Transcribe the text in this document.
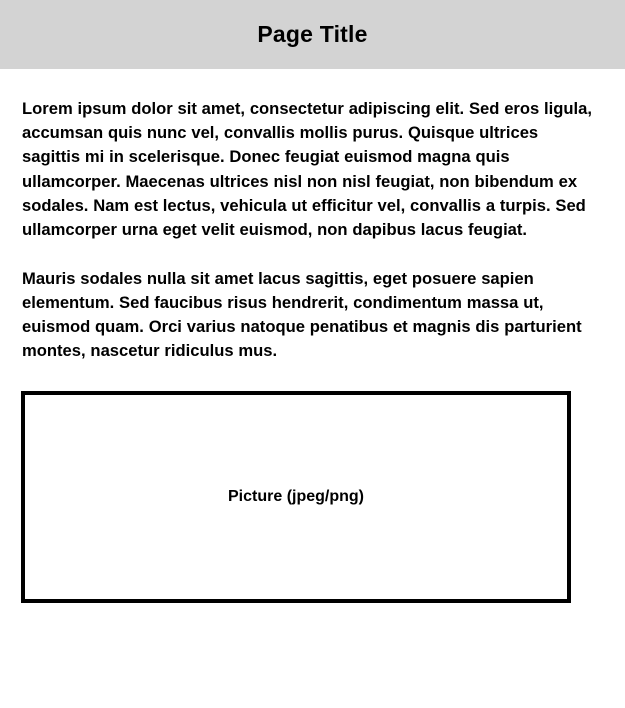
Page Title

Lorem ipsum dolor sit amet, consectetur adipiscing elit. Sed eros ligula, accumsan quis nunc vel, convallis mollis purus. Quisque ultrices sagittis mi in scelerisque. Donec feugiat euismod magna quis ullamcorper. Maecenas ultrices nisl non nisl feugiat, non bibendum ex sodales. Nam est lectus, vehicula ut efficitur vel, convallis a turpis. Sed ullamcorper urna eget velit euismod, non dapibus lacus feugiat.

Mauris sodales nulla sit amet lacus sagittis, eget posuere sapien elementum. Sed faucibus risus hendrerit, condimentum massa ut, euismod quam. Orci varius natoque penatibus et magnis dis parturient montes, nascetur ridiculus mus.

Picture (jpeg/png)
